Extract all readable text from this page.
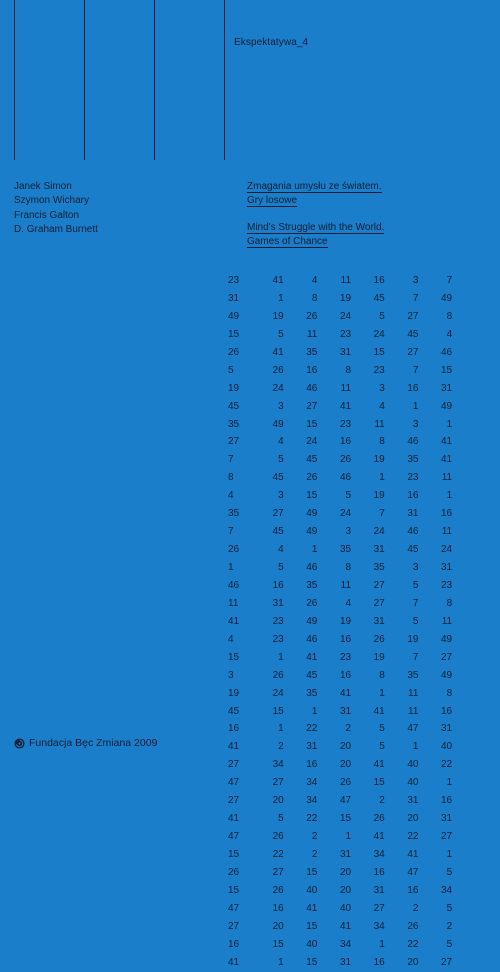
Ekspektatywa_4
Janek Simon
Szymon Wichary
Francis Galton
D. Graham Burnett
Zmagania umysłu ze światem.
Gry losowe
Mind's Struggle with the World.
Games of Chance
23	41	4	11	16	3	7
31	1	8	19	45	7	49
49	19	26	24	5	27	8
15	5	11	23	24	45	4
26	41	35	31	15	27	46
5	26	16	8	23	7	15
19	24	46	11	3	16	31
45	3	27	41	4	1	49
35	49	15	23	11	3	1
27	4	24	16	8	46	41
7	5	45	26	19	35	41
8	45	26	46	1	23	11
4	3	15	5	19	16	1
35	27	49	24	7	31	16
7	45	49	3	24	46	11
26	4	1	35	31	45	24
1	5	46	8	35	3	31
46	16	35	11	27	5	23
11	31	26	4	27	7	8
41	23	49	19	31	5	11
4	23	46	16	26	19	49
15	1	41	23	19	7	27
3	26	45	16	8	35	49
19	24	35	41	1	11	8
45	15	1	31	41	11	16
16	1	22	2	5	47	31
41	2	31	20	5	1	40
27	34	16	20	41	40	22
47	27	34	26	15	40	1
27	20	34	47	2	31	16
41	5	22	15	26	20	31
47	26	2	1	41	22	27
15	22	2	31	34	41	1
26	27	15	20	16	47	5
15	26	40	20	31	16	34
47	16	41	40	27	2	5
27	20	15	41	34	26	2
16	15	40	34	1	22	5
41	1	15	31	16	20	27
Fundacja Bęc Zmiana 2009
